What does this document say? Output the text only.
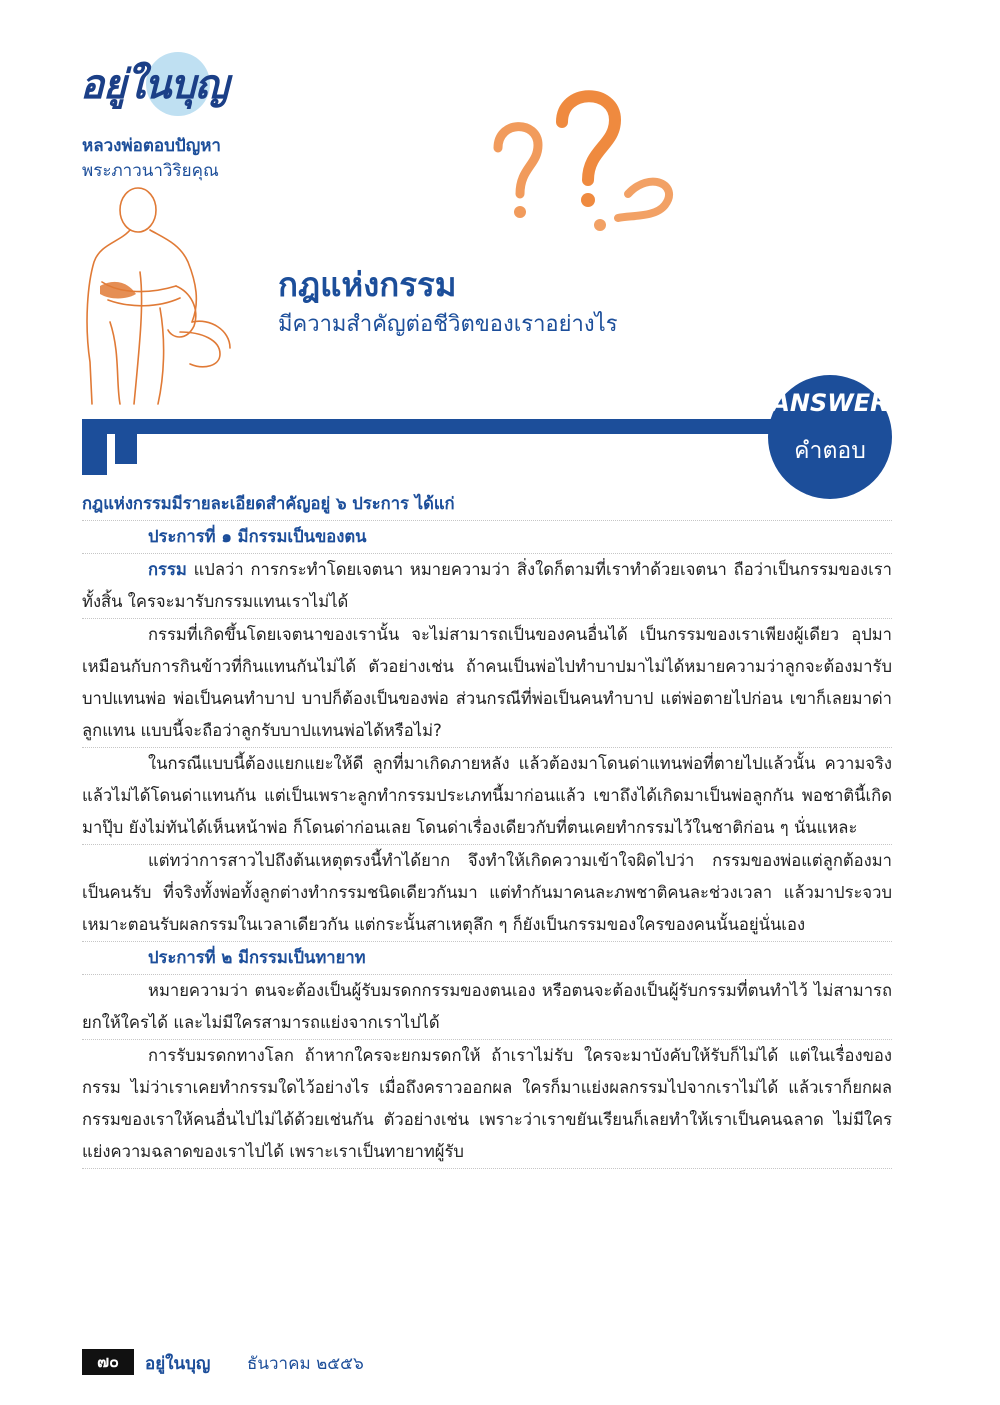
อยู่ในบุญ
หลวงพ่อตอบปัญหา
พระภาวนาวิริยคุณ
กฎแห่งกรรม
มีความสำคัญต่อชีวิตของเราอย่างไร
ANSWER
คำตอบ

กฎแห่งกรรมมีรายละเอียดสำคัญอยู่ ๖ ประการ ได้แก่

ประการที่ ๑ มีกรรมเป็นของตน

กรรม แปลว่า การกระทำโดยเจตนา หมายความว่า สิ่งใดก็ตามที่เราทำด้วยเจตนา ถือว่าเป็นกรรมของเราทั้งสิ้น ใครจะมารับกรรมแทนเราไม่ได้

กรรมที่เกิดขึ้นโดยเจตนาของเรานั้น จะไม่สามารถเป็นของคนอื่นได้ เป็นกรรมของเราเพียงผู้เดียว อุปมาเหมือนกับการกินข้าวที่กินแทนกันไม่ได้ ตัวอย่างเช่น ถ้าคนเป็นพ่อไปทำบาปมาไม่ได้หมายความว่าลูกจะต้องมารับบาปแทนพ่อ พ่อเป็นคนทำบาป บาปก็ต้องเป็นของพ่อ ส่วนกรณีที่พ่อเป็นคนทำบาป แต่พ่อตายไปก่อน เขาก็เลยมาด่าลูกแทน แบบนี้จะถือว่าลูกรับบาปแทนพ่อได้หรือไม่?

ในกรณีแบบนี้ต้องแยกแยะให้ดี ลูกที่มาเกิดภายหลัง แล้วต้องมาโดนด่าแทนพ่อที่ตายไปแล้วนั้น ความจริงแล้วไม่ได้โดนด่าแทนกัน แต่เป็นเพราะลูกทำกรรมประเภทนี้มาก่อนแล้ว เขาถึงได้เกิดมาเป็นพ่อลูกกัน พอชาตินี้เกิดมาปุ๊บ ยังไม่ทันได้เห็นหน้าพ่อ ก็โดนด่าก่อนเลย โดนด่าเรื่องเดียวกับที่ตนเคยทำกรรมไว้ในชาติก่อน ๆ นั่นแหละ

แต่ทว่าการสาวไปถึงต้นเหตุตรงนี้ทำได้ยาก จึงทำให้เกิดความเข้าใจผิดไปว่า กรรมของพ่อแต่ลูกต้องมาเป็นคนรับ ที่จริงทั้งพ่อทั้งลูกต่างทำกรรมชนิดเดียวกันมา แต่ทำกันมาคนละภพชาติคนละช่วงเวลา แล้วมาประจวบเหมาะตอนรับผลกรรมในเวลาเดียวกัน แต่กระนั้นสาเหตุลึก ๆ ก็ยังเป็นกรรมของใครของคนนั้นอยู่นั่นเอง

ประการที่ ๒ มีกรรมเป็นทายาท

หมายความว่า ตนจะต้องเป็นผู้รับมรดกกรรมของตนเอง หรือตนจะต้องเป็นผู้รับกรรมที่ตนทำไว้ ไม่สามารถยกให้ใครได้ และไม่มีใครสามารถแย่งจากเราไปได้

การรับมรดกทางโลก ถ้าหากใครจะยกมรดกให้ ถ้าเราไม่รับ ใครจะมาบังคับให้รับก็ไม่ได้ แต่ในเรื่องของกรรม ไม่ว่าเราเคยทำกรรมใดไว้อย่างไร เมื่อถึงคราวออกผล ใครก็มาแย่งผลกรรมไปจากเราไม่ได้ แล้วเราก็ยกผลกรรมของเราให้คนอื่นไปไม่ได้ด้วยเช่นกัน ตัวอย่างเช่น เพราะว่าเราขยันเรียนก็เลยทำให้เราเป็นคนฉลาด ไม่มีใครแย่งความฉลาดของเราไปได้ เพราะเราเป็นทายาทผู้รับ

๗๐	อยู่ในบุญ ธันวาคม ๒๕๕๖
